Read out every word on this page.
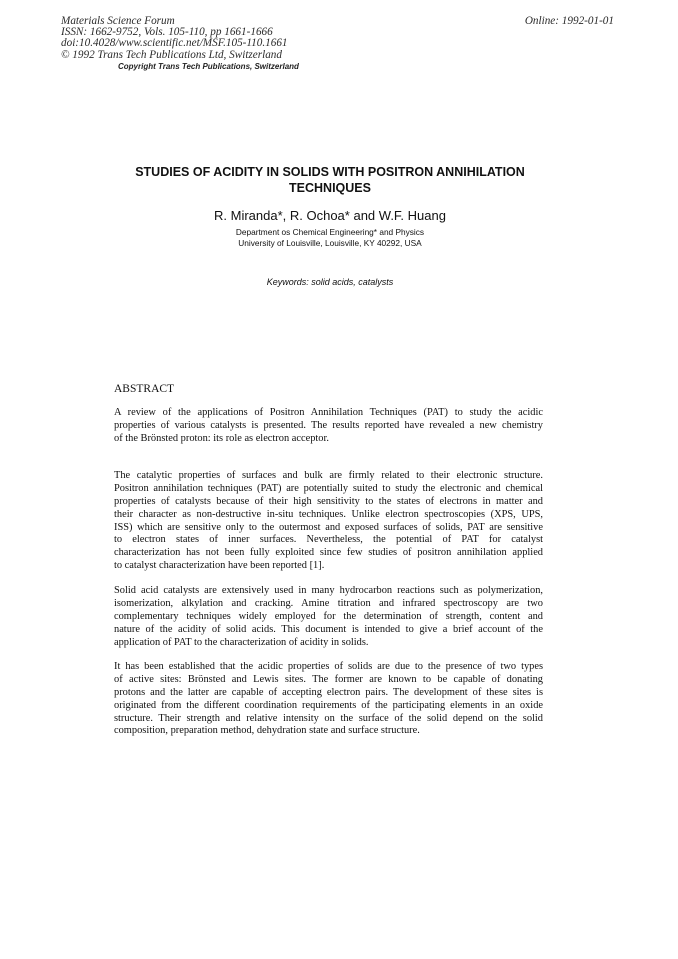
Materials Science Forum
ISSN: 1662-9752, Vols. 105-110, pp 1661-1666
doi:10.4028/www.scientific.net/MSF.105-110.1661
© 1992 Trans Tech Publications Ltd, Switzerland
Online: 1992-01-01
Copyright Trans Tech Publications, Switzerland
STUDIES OF ACIDITY IN SOLIDS WITH POSITRON ANNIHILATION
TECHNIQUES
R. Miranda*, R. Ochoa* and W.F. Huang
Department os Chemical Engineering* and Physics
University of Louisville, Louisville, KY 40292, USA
Keywords: solid acids, catalysts
ABSTRACT
A review of the applications of Positron Annihilation Techniques (PAT) to study the acidic
properties of various catalysts is presented. The results reported have revealed a new chemistry
of the Brönsted proton: its role as electron acceptor.
The catalytic properties of surfaces and bulk are firmly related to their electronic structure.
Positron annihilation techniques (PAT) are potentially suited to study the electronic and chemical
properties of catalysts because of their high sensitivity to the states of electrons in matter and
their character as non-destructive in-situ techniques. Unlike electron spectroscopies (XPS, UPS,
ISS) which are sensitive only to the outermost and exposed surfaces of solids, PAT are sensitive
to electron states of inner surfaces. Nevertheless, the potential of PAT for catalyst
characterization has not been fully exploited since few studies of positron annihilation applied
to catalyst characterization have been reported [1].
Solid acid catalysts are extensively used in many hydrocarbon reactions such as polymerization,
isomerization, alkylation and cracking. Amine titration and infrared spectroscopy are two
complementary techniques widely employed for the determination of strength, content and
nature of the acidity of solid acids. This document is intended to give a brief account of the
application of PAT to the characterization of acidity in solids.
It has been established that the acidic properties of solids are due to the presence of two types
of active sites: Brönsted and Lewis sites. The former are known to be capable of donating
protons and the latter are capable of accepting electron pairs. The development of these sites is
originated from the different coordination requirements of the participating elements in an oxide
structure. Their strength and relative intensity on the surface of the solid depend on the solid
composition, preparation method, dehydration state and surface structure.
